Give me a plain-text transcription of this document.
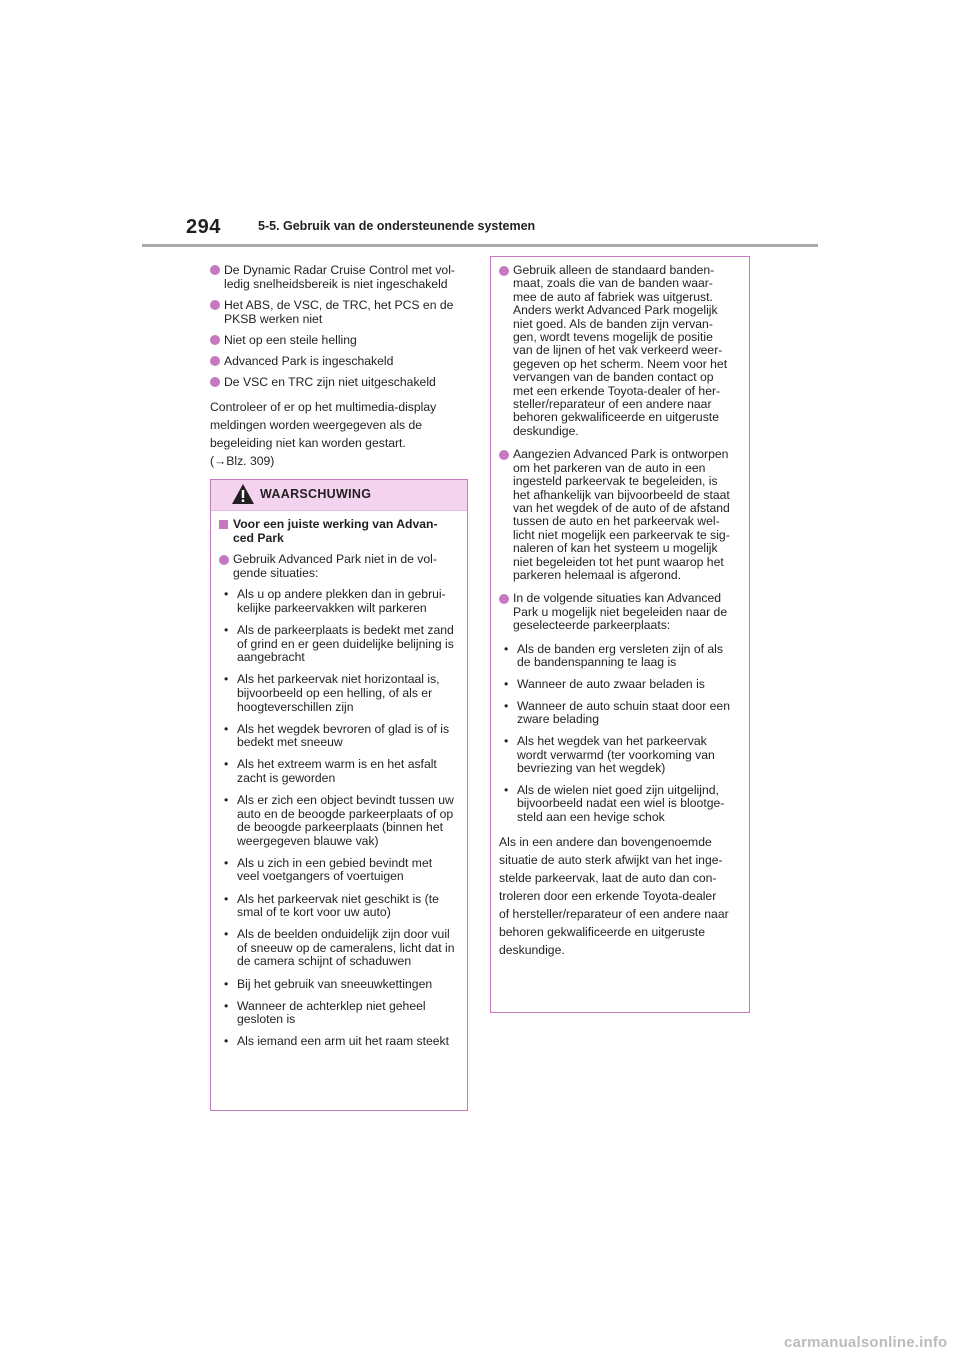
294	5-5. Gebruik van de ondersteunende systemen
De Dynamic Radar Cruise Control met vol-
ledig snelheidsbereik is niet ingeschakeld
Het ABS, de VSC, de TRC, het PCS en de
PKSB werken niet
Niet op een steile helling
Advanced Park is ingeschakeld
De VSC en TRC zijn niet uitgeschakeld
Controleer of er op het multimedia-display
meldingen worden weergegeven als de
begeleiding niet kan worden gestart.
(→Blz. 309)
WAARSCHUWING
Voor een juiste werking van Advan-
ced Park
Gebruik Advanced Park niet in de vol-
gende situaties:
• Als u op andere plekken dan in gebrui-
kelijke parkeervakken wilt parkeren
• Als de parkeerplaats is bedekt met zand
of grind en er geen duidelijke belijning is
aangebracht
• Als het parkeervak niet horizontaal is,
bijvoorbeeld op een helling, of als er
hoogteverschillen zijn
• Als het wegdek bevroren of glad is of is
bedekt met sneeuw
• Als het extreem warm is en het asfalt
zacht is geworden
• Als er zich een object bevindt tussen uw
auto en de beoogde parkeerplaats of op
de beoogde parkeerplaats (binnen het
weergegeven blauwe vak)
• Als u zich in een gebied bevindt met
veel voetgangers of voertuigen
• Als het parkeervak niet geschikt is (te
smal of te kort voor uw auto)
• Als de beelden onduidelijk zijn door vuil
of sneeuw op de cameralens, licht dat in
de camera schijnt of schaduwen
• Bij het gebruik van sneeuwkettingen
• Wanneer de achterklep niet geheel
gesloten is
• Als iemand een arm uit het raam steekt
Gebruik alleen de standaard banden-
maat, zoals die van de banden waar-
mee de auto af fabriek was uitgerust.
Anders werkt Advanced Park mogelijk
niet goed. Als de banden zijn vervan-
gen, wordt tevens mogelijk de positie
van de lijnen of het vak verkeerd weer-
gegeven op het scherm. Neem voor het
vervangen van de banden contact op
met een erkende Toyota-dealer of her-
steller/reparateur of een andere naar
behoren gekwalificeerde en uitgeruste
deskundige.
Aangezien Advanced Park is ontworpen
om het parkeren van de auto in een
ingesteld parkeervak te begeleiden, is
het afhankelijk van bijvoorbeeld de staat
van het wegdek of de auto of de afstand
tussen de auto en het parkeervak wel-
licht niet mogelijk een parkeervak te sig-
naleren of kan het systeem u mogelijk
niet begeleiden tot het punt waarop het
parkeren helemaal is afgerond.
In de volgende situaties kan Advanced
Park u mogelijk niet begeleiden naar de
geselecteerde parkeerplaats:
• Als de banden erg versleten zijn of als
de bandenspanning te laag is
• Wanneer de auto zwaar beladen is
• Wanneer de auto schuin staat door een
zware belading
• Als het wegdek van het parkeervak
wordt verwarmd (ter voorkoming van
bevriezing van het wegdek)
• Als de wielen niet goed zijn uitgelijnd,
bijvoorbeeld nadat een wiel is blootge-
steld aan een hevige schok
Als in een andere dan bovengenoemde
situatie de auto sterk afwijkt van het inge-
stelde parkeervak, laat de auto dan con-
troleren door een erkende Toyota-dealer
of hersteller/reparateur of een andere naar
behoren gekwalificeerde en uitgeruste
deskundige.
carmanualsonline.info
